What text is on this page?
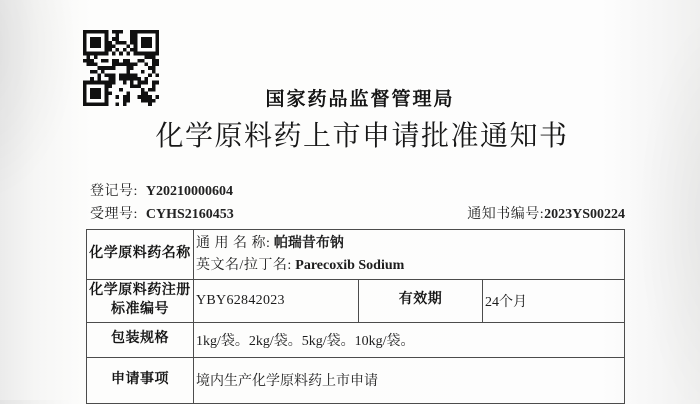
国家药品监督管理局
化学原料药上市申请批准通知书
登记号: Y20210000604
受理号: CYHS2160453	通知书编号:2023YS00224
化学原料药名称	通 用 名 称: 帕瑞昔布钠
英文名/拉丁名: Parecoxib Sodium		

化学原料药注册标准编号	YBY62842023	有效期	24个月
包装规格	1kg/袋。2kg/袋。5kg/袋。10kg/袋。		
申请事项	境内生产化学原料药上市申请		
